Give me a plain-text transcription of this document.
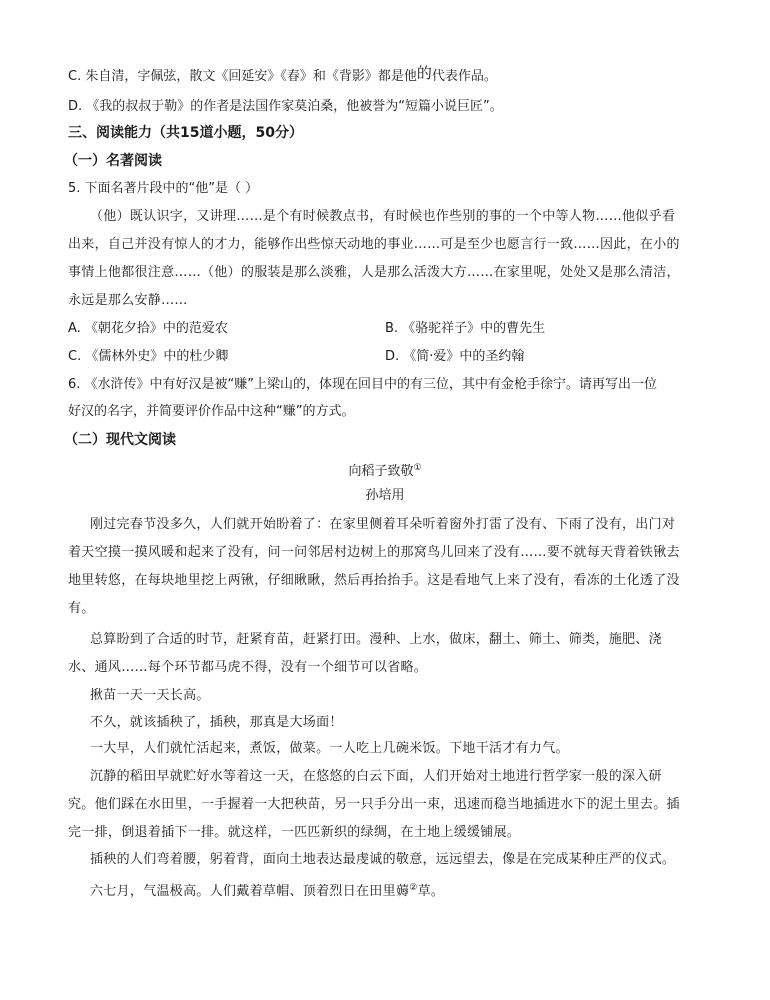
C. 朱自清，字佩弦，散文《回延安》《春》和《背影》都是他$^的$代表作品。
D. 《我的叔叔于勒》的作者是法国作家莫泊桑，他被誉为“短篇小说巨匠”。
三、阅读能力（共15道小题，50分）
（一）名著阅读
5. 下面名著片段中的“他”是（ ）
（他）既认识字，又讲理……是个有时候教点书，有时候也作些别的事的一个中等人物……他似乎看
出来，自己并没有惊人的才力，能够作出些惊天动地的事业……可是至少也愿言行一致……因此，在小的
事情上他都很注意……（他）的服装是那么淡雅，人是那么活泼大方……在家里呢，处处又是那么清洁，
永远是那么安静……
A. 《朝花夕拾》中的范爱农	B. 《骆驼祥子》中的曹先生
C. 《儒林外史》中的杜少卿	D. 《简·爱》中的圣约翰
6. 《水浒传》中有好汉是被“赚”上梁山的，体现在回目中的有三位，其中有金枪手徐宁。请再写出一位
好汉的名字，并简要评价作品中这种“赚”的方式。
（二）现代文阅读
向稻子致敬①
孙培用
刚过完春节没多久，人们就开始盼着了：在家里侧着耳朵听着窗外打雷了没有、下雨了没有，出门对
着天空摸一摸风暖和起来了没有，问一问邻居村边树上的那窝鸟儿回来了没有……要不就每天背着铁锹去
地里转悠，在每块地里挖上两锹，仔细瞅瞅，然后再抬抬手。这是看地气上来了没有，看冻的土化透了没
有。
总算盼到了合适的时节，赶紧育苗，赶紧打田。漫种、上水，做床，翻土、筛土、筛类，施肥、浇
水、通风……每个环节都马虎不得，没有一个细节可以省略。
揪苗一天一天长高。
不久，就该插秧了，插秧，那真是大场面！
一大早，人们就忙活起来，煮饭，做菜。一人吃上几碗米饭。下地干活才有力气。
沉静的稻田早就贮好水等着这一天，在悠悠的白云下面，人们开始对土地进行哲学家一般的深入研
究。他们踩在水田里，一手握着一大把秧苗，另一只手分出一束，迅速而稳当地插进水下的泥土里去。插
完一排，倒退着插下一排。就这样，一匹匹新织的绿绸，在土地上缓缓铺展。
插秧的人们弯着腰，躬着背，面向土地表达最虔诚的敬意，远远望去，像是在完成某种庄严的仪式。
六七月，气温极高。人们戴着草帽、顶着烈日在田里薅②草。
